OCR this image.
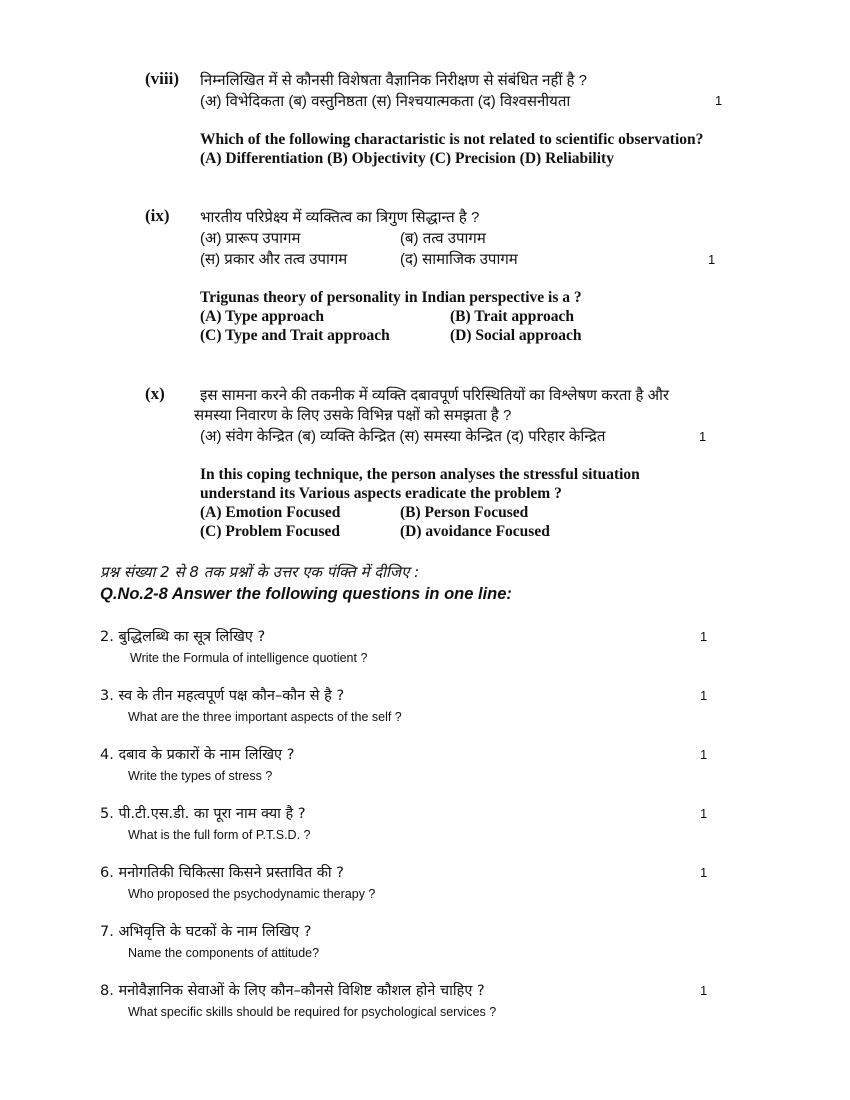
(viii) निम्नलिखित में से कौनसी विशेषता वैज्ञानिक निरीक्षण से संबंधित नहीं है ?
(अ) विभेदिकता (ब) वस्तुनिष्ठता (स) निश्चयात्मकता (द) विश्वसनीयता	1
Which of the following charactaristic is not related to scientific observation?
(A) Differentiation (B) Objectivity (C) Precision (D) Reliability
(ix) भारतीय परिप्रेक्ष्य में व्यक्तित्व का त्रिगुण सिद्धान्त है ?
(अ) प्रारूप उपागम	(ब) तत्व उपागम
(स) प्रकार और तत्व उपागम	(द) सामाजिक उपागम	1
Trigunas theory of personality in Indian perspective is a ?
(A) Type approach	(B) Trait approach
(C) Type and Trait approach	(D) Social approach
(x) इस सामना करने की तकनीक में व्यक्ति दबावपूर्ण परिस्थितियों का विश्लेषण करता है और
समस्या निवारण के लिए उसके विभिन्न पक्षों को समझता है ?
(अ) संवेग केन्द्रित (ब) व्यक्ति केन्द्रित (स) समस्या केन्द्रित (द) परिहार केन्द्रित	1
In this coping technique, the person analyses the stressful situation
understand its Various aspects eradicate the problem ?
(A) Emotion Focused	(B) Person Focused
(C) Problem Focused	(D) avoidance Focused
प्रश्न संख्या 2 से 8 तक प्रश्नों के उत्तर एक पंक्ति में दीजिए :
Q.No.2-8 Answer the following questions in one line:
2. बुद्धिलब्धि का सूत्र लिखिए ?	1
Write the Formula of intelligence quotient ?
3. स्व के तीन महत्वपूर्ण पक्ष कौन–कौन से है ?	1
What are the three important aspects of the self ?
4. दबाव के प्रकारों के नाम लिखिए ?	1
Write the types of stress ?
5. पी.टी.एस.डी. का पूरा नाम क्या है ?	1
What is the full form of P.T.S.D. ?
6. मनोगतिकी चिकित्सा किसने प्रस्तावित की ?	1
Who proposed the psychodynamic therapy ?
7. अभिवृत्ति के घटकों के नाम लिखिए ?
Name the components of attitude?
8. मनोवैज्ञानिक सेवाओं के लिए कौन–कौनसे विशिष्ट कौशल होने चाहिए ?	1
What specific skills should be required for psychological services ?
